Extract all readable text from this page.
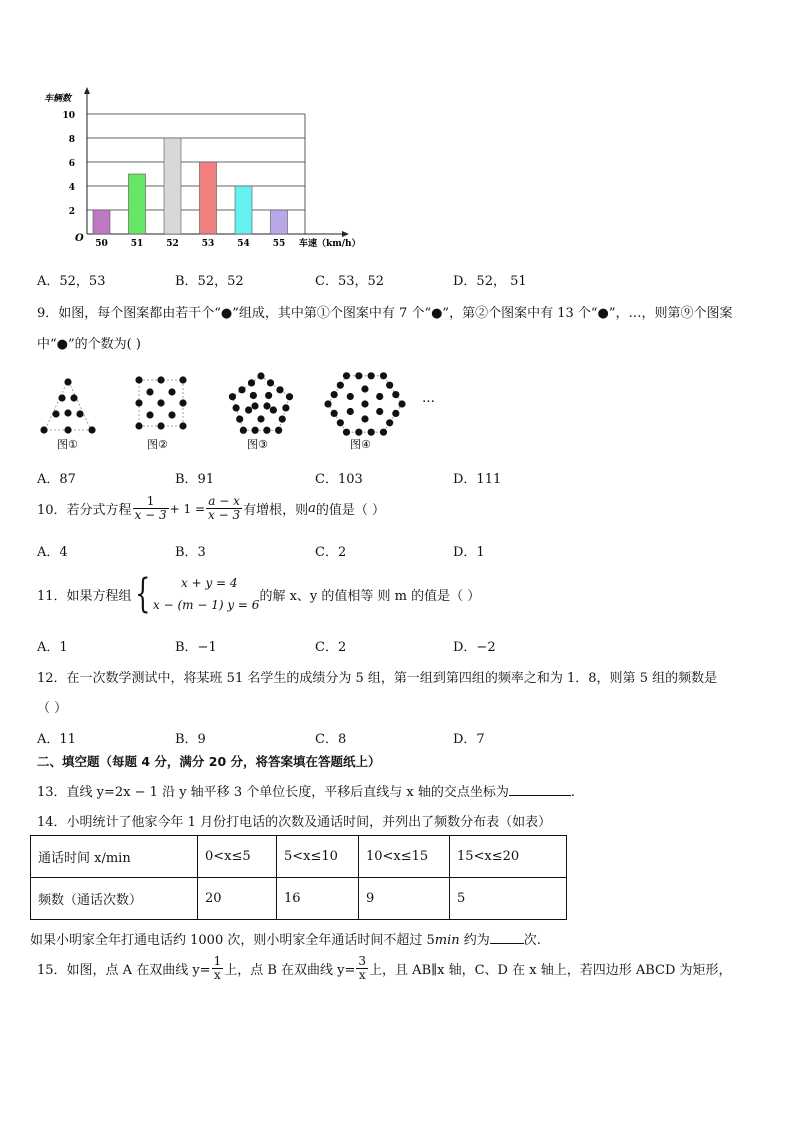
2
4
6
8
10
50	51	52	53	54	55
车辆数
O	车速（km/h）
A．52，53	B．52，52	C．53，52	D．52， 51
9．如图，每个图案都由若干个“●”组成，其中第①个图案中有 7 个“●”，第②个图案中有 13 个“●”，…，则第⑨个图案
中“●”的个数为( )
图①	图②	图③	图④
…
A．87	B．91	C．103	D．111
10．若分式方程 $\frac{1}{x - 3} + 1 = \frac{a - x}{x - 3}$ 有增根，则 a 的值是（ ）
A．4	B．3	C．2	D．1
11．如果方程组 {	x + y = 4
x − (m − 1) y = 6
的解 x、y 的值相等 则 m 的值是（ ）
A．1	B．−1	C．2	D．−2
12．在一次数学测试中，将某班 51 名学生的成绩分为 5 组，第一组到第四组的频率之和为 1．8，则第 5 组的频数是
（ ）
A．11	B．9	C．8	D．7
二、填空题（每题 4 分，满分 20 分，将答案填在答题纸上）
13．直线 y=2x − 1 沿 y 轴平移 3 个单位长度，平移后直线与 x 轴的交点坐标为	.
14．小明统计了他家今年 1 月份打电话的次数及通话时间，并列出了频数分布表（如表）
通话时间 x/min	0<x≤5	5<x≤10	10<x≤15	15<x≤20
频数（通话次数）	20	16	9	5
如果小明家全年打通电话约 1000 次，则小明家全年通话时间不超过 5min 约为	次.
15．如图，点 A 在双曲线 $y= \frac{1}{x}$ 上，点 B 在双曲线 $y= \frac{3}{x}$ 上，且 AB∥x 轴，C、D 在 x 轴上，若四边形 ABCD 为矩形，
